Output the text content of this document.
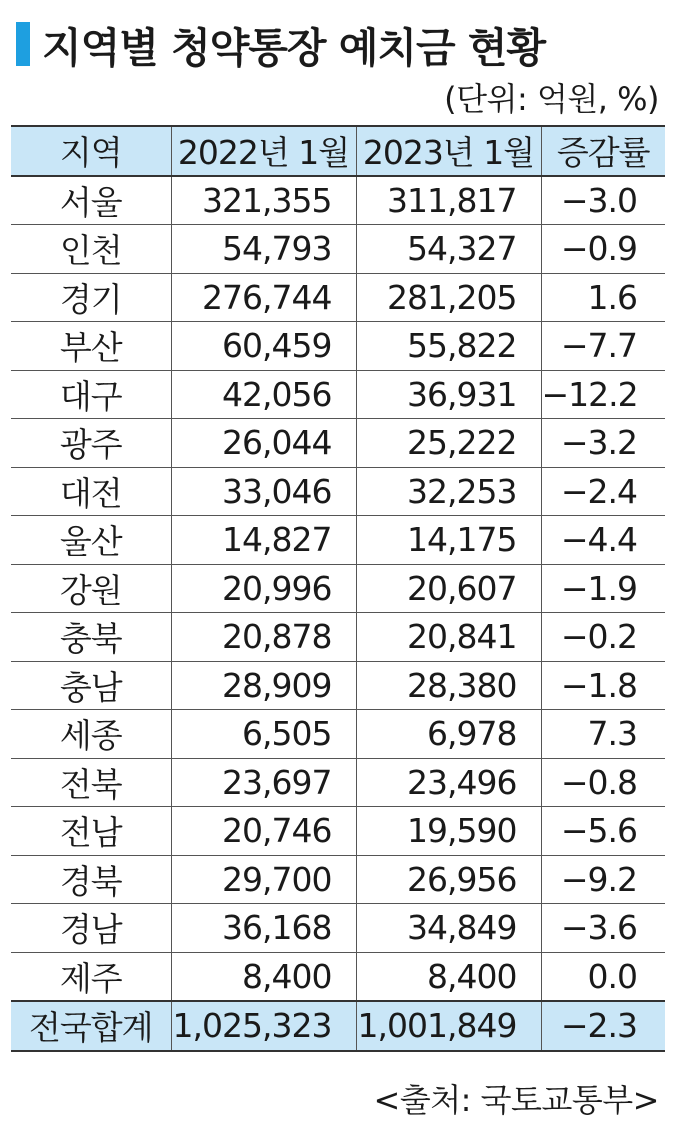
지역별 청약통장 예치금 현황
(단위: 억원, %)
지역	2022년 1월	2023년 1월	증감률
서울	321,355	311,817	−3.0
인천	54,793	54,327	−0.9
경기	276,744	281,205	1.6
부산	60,459	55,822	−7.7
대구	42,056	36,931	−12.2
광주	26,044	25,222	−3.2
대전	33,046	32,253	−2.4
울산	14,827	14,175	−4.4
강원	20,996	20,607	−1.9
충북	20,878	20,841	−0.2
충남	28,909	28,380	−1.8
세종	6,505	6,978	7.3
전북	23,697	23,496	−0.8
전남	20,746	19,590	−5.6
경북	29,700	26,956	−9.2
경남	36,168	34,849	−3.6
제주	8,400	8,400	0.0
전국합계	1,025,323	1,001,849	−2.3
<출처: 국토교통부>
